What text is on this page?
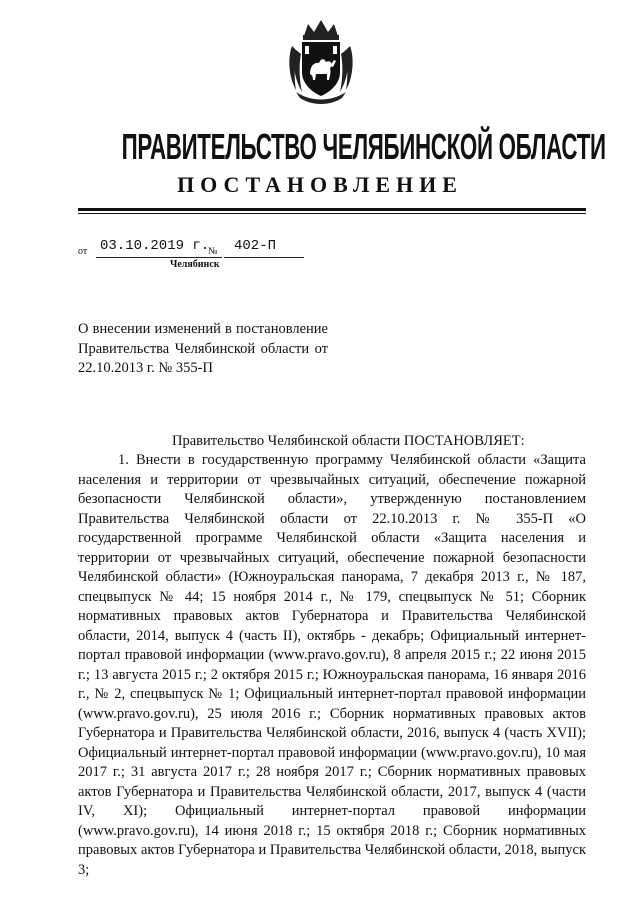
ПРАВИТЕЛЬСТВО ЧЕЛЯБИНСКОЙ ОБЛАСТИ
ПОСТАНОВЛЕНИЕ
от 03.10.2019 г.
№ 402-П
Челябинск
О внесении изменений в постановление Правительства Челябинской области от 22.10.2013 г. № 355-П
Правительство Челябинской области ПОСТАНОВЛЯЕТ:
1. Внести в государственную программу Челябинской области «Защита населения и территории от чрезвычайных ситуаций, обеспечение пожарной безопасности Челябинской области», утвержденную постановлением Правительства Челябинской области от 22.10.2013 г. № 355-П «О государственной программе Челябинской области «Защита населения и территории от чрезвычайных ситуаций, обеспечение пожарной безопасности Челябинской области» (Южноуральская панорама, 7 декабря 2013 г., № 187, спецвыпуск № 44; 15 ноября 2014 г., № 179, спецвыпуск № 51; Сборник нормативных правовых актов Губернатора и Правительства Челябинской области, 2014, выпуск 4 (часть II), октябрь - декабрь; Официальный интернет-портал правовой информации (www.pravo.gov.ru), 8 апреля 2015 г.; 22 июня 2015 г.; 13 августа 2015 г.; 2 октября 2015 г.; Южноуральская панорама, 16 января 2016 г., № 2, спецвыпуск № 1; Официальный интернет-портал правовой информации (www.pravo.gov.ru), 25 июля 2016 г.; Сборник нормативных правовых актов Губернатора и Правительства Челябинской области, 2016, выпуск 4 (часть XVII); Официальный интернет-портал правовой информации (www.pravo.gov.ru), 10 мая 2017 г.; 31 августа 2017 г.; 28 ноября 2017 г.; Сборник нормативных правовых актов Губернатора и Правительства Челябинской области, 2017, выпуск 4 (части IV, XI); Официальный интернет-портал правовой информации (www.pravo.gov.ru), 14 июня 2018 г.; 15 октября 2018 г.; Сборник нормативных правовых актов Губернатора и Правительства Челябинской области, 2018, выпуск 3;
